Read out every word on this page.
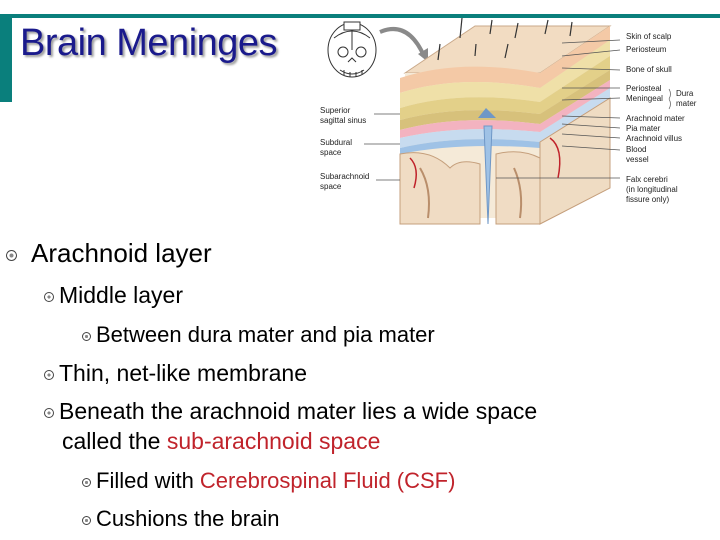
Brain Meninges	Skin of scalp
Periosteum
Bone of skull
Periosteal
Meningeal
Dura
mater
Arachnoid mater
Pia mater
Arachnoid villus
Blood
vessel
Falx cerebri
(in longitudinal
fissure only)
Superior
sagittal sinus
Subdural
space
Subarachnoid
space
Arachnoid layer
Middle layer
Between dura mater and pia mater
Thin, net-like membrane
Beneath the arachnoid mater lies a wide space
called the sub-arachnoid space
Filled with Cerebrospinal Fluid (CSF)
Cushions the brain
